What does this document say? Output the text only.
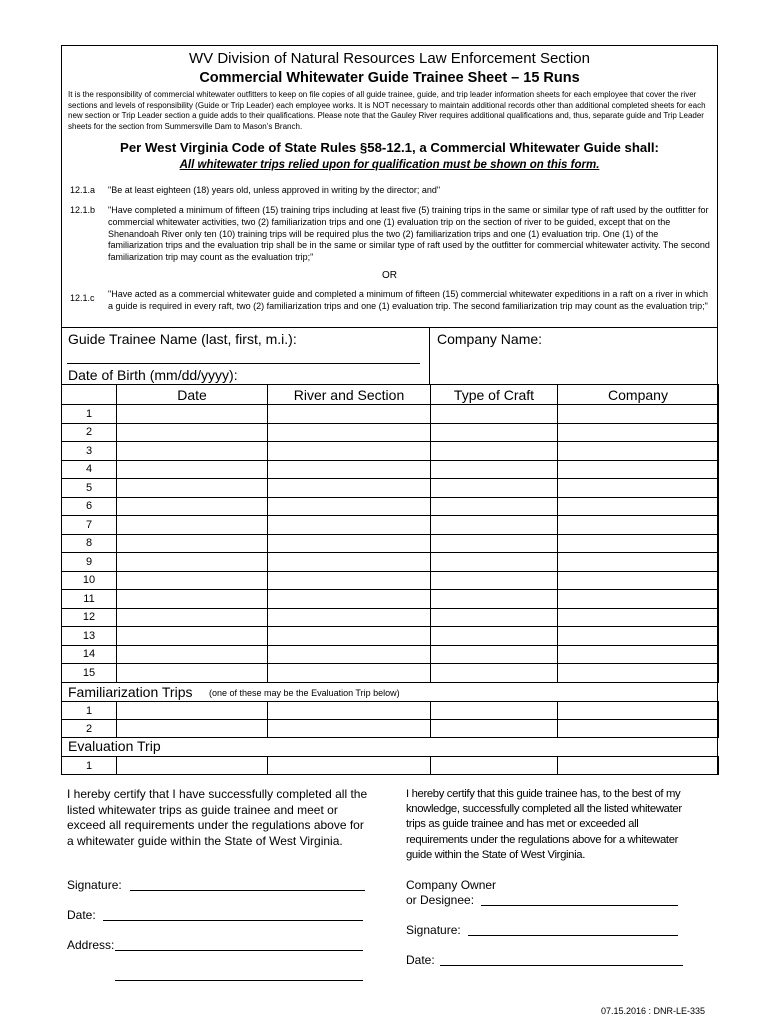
WV Division of Natural Resources Law Enforcement Section
Commercial Whitewater Guide Trainee Sheet – 15 Runs
It is the responsibility of commercial whitewater outfitters to keep on file copies of all guide trainee, guide, and trip leader information sheets for each employee that cover the river sections and levels of responsibility (Guide or Trip Leader) each employee works. It is NOT necessary to maintain additional records other than additional completed sheets for each new section or Trip Leader section a guide adds to their qualifications. Please note that the Gauley River requires additional qualifications and, thus, separate guide and Trip Leader sheets for the section from Summersville Dam to Mason’s Branch.
Per West Virginia Code of State Rules §58-12.1, a Commercial Whitewater Guide shall:
All whitewater trips relied upon for qualification must be shown on this form.
12.1.a "Be at least eighteen (18) years old, unless approved in writing by the director; and"
12.1.b "Have completed a minimum of fifteen (15) training trips including at least five (5) training trips in the same or similar type of raft used by the outfitter for commercial whitewater activities, two (2) familiarization trips and one (1) evaluation trip on the section of river to be guided, except that on the Shenandoah River only ten (10) training trips will be required plus the two (2) familiarization trips and one (1) evaluation trip. One (1) of the familiarization trips and the evaluation trip shall be in the same or similar type of raft used by the outfitter for commercial whitewater activity. The second familiarization trip may count as the evaluation trip;"
OR
12.1.c "Have acted as a commercial whitewater guide and completed a minimum of fifteen (15) commercial whitewater expeditions in a raft on a river in which a guide is required in every raft, two (2) familiarization trips and one (1) evaluation trip. The second familiarization trip may count as the evaluation trip;"
Guide Trainee Name (last, first, m.i.):	Company Name:
Date of Birth (mm/dd/yyyy):
	Date	River and Section	Type of Craft	Company
1				
2				
3				
4				
5				
6				
7				
8				
9				
10				
11				
12				
13				
14				
15				
Familiarization Trips (one of these may be the Evaluation Trip below)
1				
2				
Evaluation Trip
1				
I hereby certify that I have successfully completed all the listed whitewater trips as guide trainee and meet or exceed all requirements under the regulations above for a whitewater guide within the State of West Virginia.
Signature:
Date:
Address:
I hereby certify that this guide trainee has, to the best of my knowledge, successfully completed all the listed whitewater trips as guide trainee and has met or exceeded all requirements under the regulations above for a whitewater guide within the State of West Virginia.
Company Owner
or Designee:
Signature:
Date:
07.15.2016 : DNR-LE-335
